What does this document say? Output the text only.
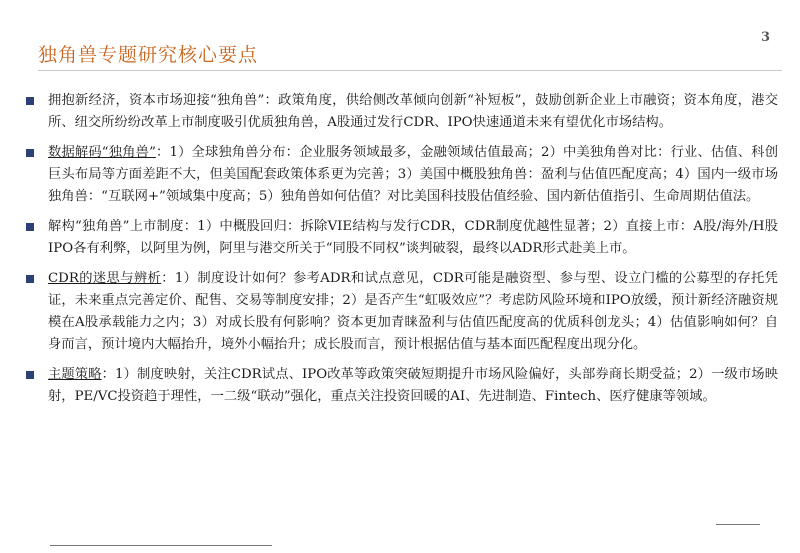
独角兽专题研究核心要点
3
拥抱新经济，资本市场迎接“独角兽”：政策角度，供给侧改革倾向创新“补短板”，鼓励创新企业上市融资；资本角度，港交所、纽交所纷纷改革上市制度吸引优质独角兽，A股通过发行CDR、IPO快速通道未来有望优化市场结构。
数据解码“独角兽”：1）全球独角兽分布：企业服务领域最多，金融领域估值最高；2）中美独角兽对比：行业、估值、科创巨头布局等方面差距不大，但美国配套政策体系更为完善；3）美国中概股独角兽：盈利与估值匹配度高；4）国内一级市场独角兽：“互联网+”领域集中度高；5）独角兽如何估值？对比美国科技股估值经验、国内新估值指引、生命周期估值法。
解构“独角兽”上市制度：1）中概股回归：拆除VIE结构与发行CDR，CDR制度优越性显著；2）直接上市：A股/海外/H股IPO各有利弊，以阿里为例，阿里与港交所关于“同股不同权”谈判破裂，最终以ADR形式赴美上市。
CDR的迷思与辨析：1）制度设计如何？参考ADR和试点意见，CDR可能是融资型、参与型、设立门槛的公募型的存托凭证，未来重点完善定价、配售、交易等制度安排；2）是否产生“虹吸效应”？考虑防风险环境和IPO放缓，预计新经济融资规模在A股承载能力之内；3）对成长股有何影响？资本更加青睐盈利与估值匹配度高的优质科创龙头；4）估值影响如何？自身而言，预计境内大幅抬升，境外小幅抬升；成长股而言，预计根据估值与基本面匹配程度出现分化。
主题策略：1）制度映射，关注CDR试点、IPO改革等政策突破短期提升市场风险偏好，头部券商长期受益；2）一级市场映射，PE/VC投资趋于理性，一二级“联动”强化，重点关注投资回暖的AI、先进制造、Fintech、医疗健康等领域。
